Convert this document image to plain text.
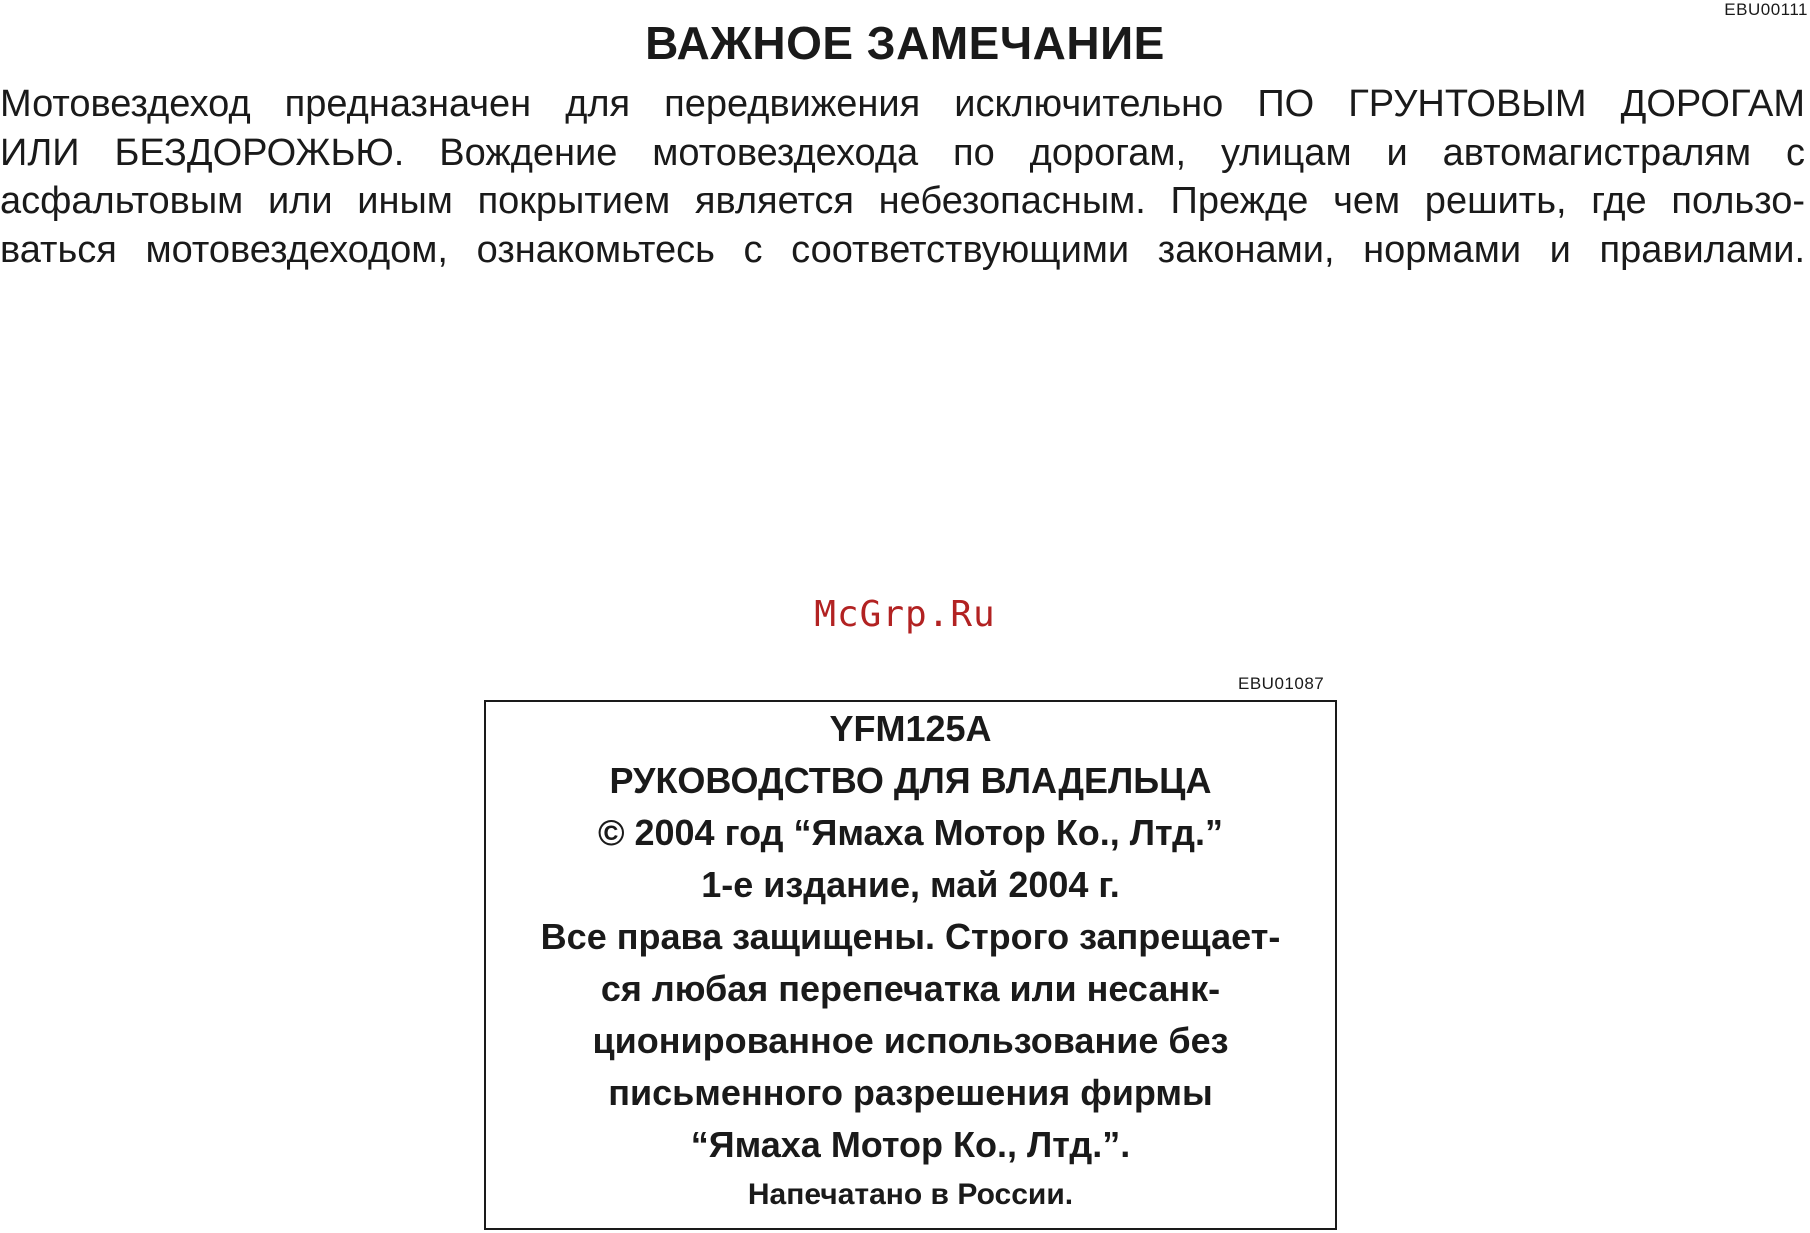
EBU00111
ВАЖНОЕ ЗАМЕЧАНИЕ
Мотовездеход предназначен для передвижения исключительно ПО ГРУНТОВЫМ ДОРОГАМ
ИЛИ БЕЗДОРОЖЬЮ. Вождение мотовездехода по дорогам, улицам и автомагистралям с
асфальтовым или иным покрытием является небезопасным. Прежде чем решить, где пользо-
ваться мотовездеходом, ознакомьтесь с соответствующими законами, нормами и правилами.
McGrp.Ru
EBU01087
YFM125A
РУКОВОДСТВО ДЛЯ ВЛАДЕЛЬЦА
© 2004 год “Ямаха Мотор Ко., Лтд.”
1-е издание, май 2004 г.
Все права защищены. Строго запрещает-
ся любая перепечатка или несанк-
ционированное использование без
письменного разрешения фирмы
“Ямаха Мотор Ко., Лтд.”.
Напечатано в России.
